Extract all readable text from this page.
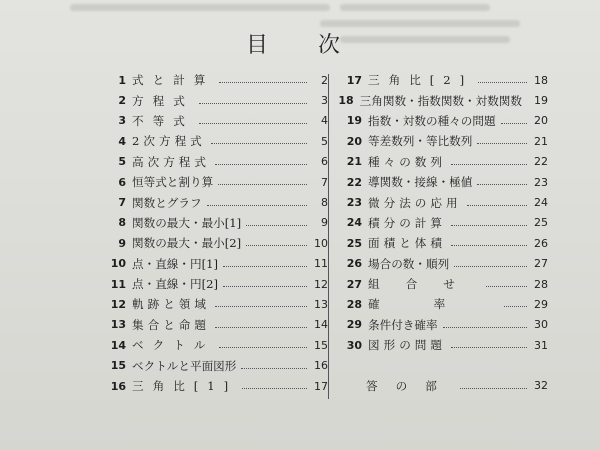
目　次
1 式と計算	2
2 方程式	3
3 不等式	4
4 2次方程式	5
5 高次方程式	6
6 恒等式と割り算	7
7 関数とグラフ	8
8 関数の最大・最小[1]	9
9 関数の最大・最小[2]	10
10 点・直線・円[1]	11
11 点・直線・円[2]	12
12 軌跡と領域	13
13 集合と命題	14
14 ベクトル	15
15 ベクトルと平面図形	16
16 三角比[1]	17
17 三角比[2]	18
18 三角関数・指数関数・対数関数 19
19 指数・対数の種々の問題	20
20 等差数列・等比数列	21
21 種々の数列	22
22 導関数・接線・極値	23
23 微分法の応用	24
24 積分の計算	25
25 面積と体積	26
26 場合の数・順列	27
27 組合せ	28
28 確率	29
29 条件付き確率	30
30 図形の問題	31
答の部	32
